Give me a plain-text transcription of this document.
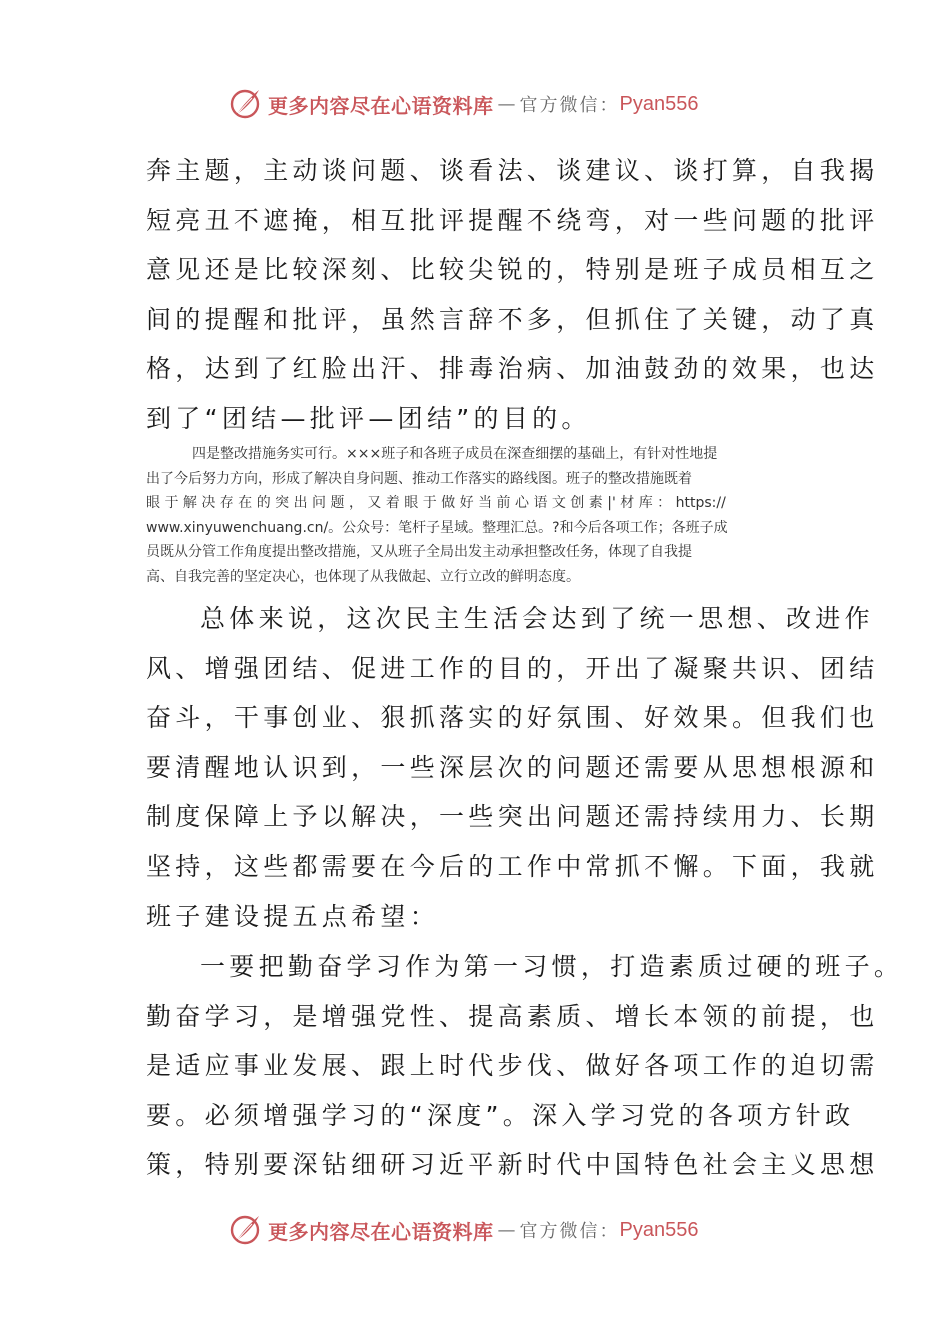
更多内容尽在心语资料库 — 官方微信： Pyan556
奔主题，主动谈问题、谈看法、谈建议、谈打算，自我揭
短亮丑不遮掩，相互批评提醒不绕弯，对一些问题的批评
意见还是比较深刻、比较尖锐的，特别是班子成员相互之
间的提醒和批评，虽然言辞不多，但抓住了关键，动了真
格，达到了红脸出汗、排毒治病、加油鼓劲的效果，也达
到了“团结—批评—团结”的目的。
四是整改措施务实可行。×××班子和各班子成员在深查细摆的基础上，有针对性地提
出了今后努力方向，形成了解决自身问题、推动工作落实的路线图。班子的整改措施既着
眼 于 解 决 存 在 的 突 出 问 题 ， 又 着 眼 于 做 好 当 前 心 语 文 创 素 |' 材 库 ： https://
www.xinyuwenchuang.cn/。公众号：笔杆子星域。整理汇总。?和今后各项工作；各班子成
员既从分管工作角度提出整改措施，又从班子全局出发主动承担整改任务，体现了自我提
高、自我完善的坚定决心，也体现了从我做起、立行立改的鲜明态度。
总体来说，这次民主生活会达到了统一思想、改进作
风、增强团结、促进工作的目的，开出了凝聚共识、团结
奋斗，干事创业、狠抓落实的好氛围、好效果。但我们也
要清醒地认识到，一些深层次的问题还需要从思想根源和
制度保障上予以解决，一些突出问题还需持续用力、长期
坚持，这些都需要在今后的工作中常抓不懈。下面，我就
班子建设提五点希望：
一要把勤奋学习作为第一习惯，打造素质过硬的班子。
勤奋学习，是增强党性、提高素质、增长本领的前提，也
是适应事业发展、跟上时代步伐、做好各项工作的迫切需
要。必须增强学习的“深度”。深入学习党的各项方针政
策，特别要深钻细研习近平新时代中国特色社会主义思想
更多内容尽在心语资料库 — 官方微信： Pyan556
